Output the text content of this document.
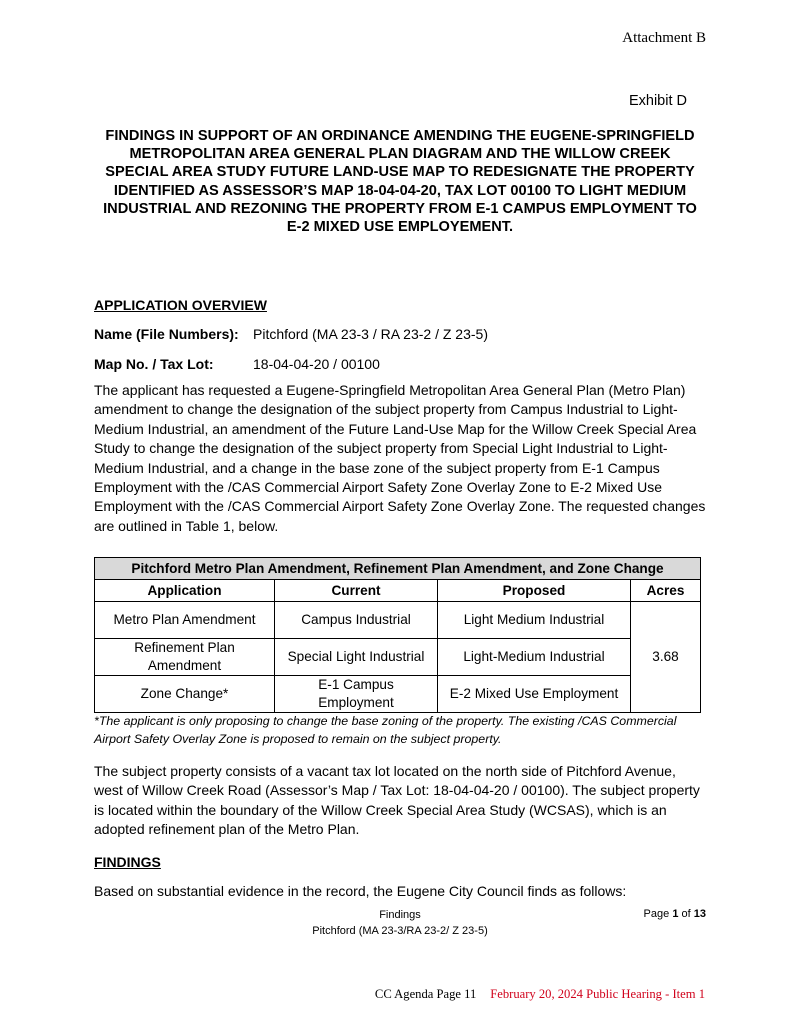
Attachment B
Exhibit D
FINDINGS IN SUPPORT OF AN ORDINANCE AMENDING THE EUGENE-SPRINGFIELD METROPOLITAN AREA GENERAL PLAN DIAGRAM AND THE WILLOW CREEK SPECIAL AREA STUDY FUTURE LAND-USE MAP TO REDESIGNATE THE PROPERTY IDENTIFIED AS ASSESSOR’S MAP 18-04-04-20, TAX LOT 00100 TO LIGHT MEDIUM INDUSTRIAL AND REZONING THE PROPERTY FROM E-1 CAMPUS EMPLOYMENT TO E-2 MIXED USE EMPLOYEMENT.
APPLICATION OVERVIEW
Name (File Numbers): Pitchford (MA 23-3 / RA 23-2 / Z 23-5)
Map No. / Tax Lot:	18-04-04-20 / 00100
The applicant has requested a Eugene-Springfield Metropolitan Area General Plan (Metro Plan) amendment to change the designation of the subject property from Campus Industrial to Light-Medium Industrial, an amendment of the Future Land-Use Map for the Willow Creek Special Area Study to change the designation of the subject property from Special Light Industrial to Light-Medium Industrial, and a change in the base zone of the subject property from E-1 Campus Employment with the /CAS Commercial Airport Safety Zone Overlay Zone to E-2 Mixed Use Employment with the /CAS Commercial Airport Safety Zone Overlay Zone. The requested changes are outlined in Table 1, below.
Pitchford Metro Plan Amendment, Refinement Plan Amendment, and Zone Change			
Application	Current	Proposed	Acres
Metro Plan Amendment	Campus Industrial	Light Medium Industrial	3.68
Refinement Plan Amendment	Special Light Industrial	Light-Medium Industrial	
Zone Change*	E-1 Campus Employment	E-2 Mixed Use Employment	
*The applicant is only proposing to change the base zoning of the property. The existing /CAS Commercial Airport Safety Overlay Zone is proposed to remain on the subject property.
The subject property consists of a vacant tax lot located on the north side of Pitchford Avenue, west of Willow Creek Road (Assessor’s Map / Tax Lot: 18-04-04-20 / 00100). The subject property is located within the boundary of the Willow Creek Special Area Study (WCSAS), which is an adopted refinement plan of the Metro Plan.
FINDINGS
Based on substantial evidence in the record, the Eugene City Council finds as follows:
Findings
Pitchford (MA 23-3/RA 23-2/ Z 23-5)
Page 1 of 13
CC Agenda Page 11 February 20, 2024 Public Hearing - Item 1
